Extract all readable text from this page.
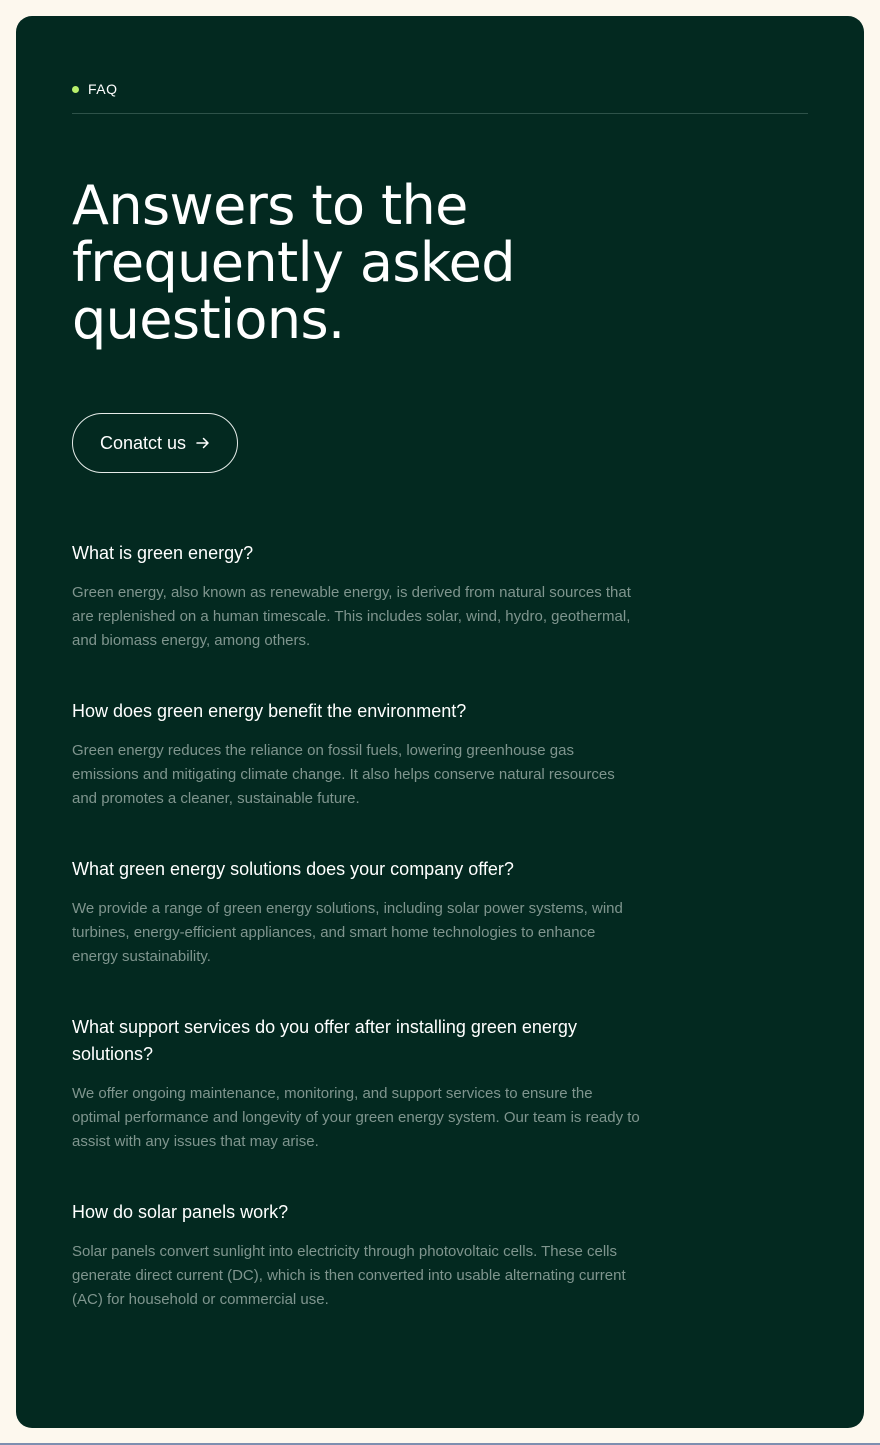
FAQ
Answers to the frequently asked questions.
Conatct us
What is green energy?

Green energy, also known as renewable energy, is derived from natural sources that are replenished on a human timescale. This includes solar, wind, hydro, geothermal, and biomass energy, among others.

How does green energy benefit the environment?

Green energy reduces the reliance on fossil fuels, lowering greenhouse gas emissions and mitigating climate change. It also helps conserve natural resources and promotes a cleaner, sustainable future.

What green energy solutions does your company offer?

We provide a range of green energy solutions, including solar power systems, wind turbines, energy-efficient appliances, and smart home technologies to enhance energy sustainability.

What support services do you offer after installing green energy solutions?

We offer ongoing maintenance, monitoring, and support services to ensure the optimal performance and longevity of your green energy system. Our team is ready to assist with any issues that may arise.

How do solar panels work?

Solar panels convert sunlight into electricity through photovoltaic cells. These cells generate direct current (DC), which is then converted into usable alternating current (AC) for household or commercial use.
